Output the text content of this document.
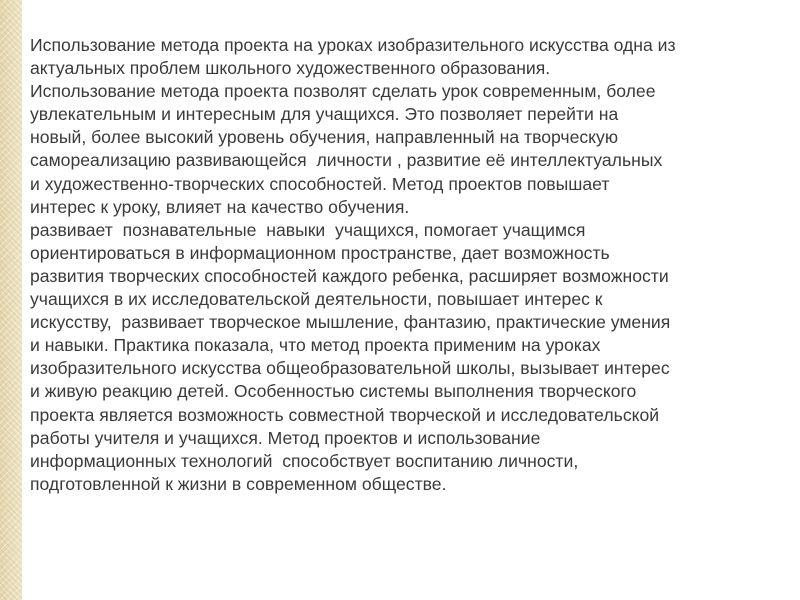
Использование метода проекта на уроках изобразительного искусства одна из
актуальных проблем школьного художественного образования.
Использование метода проекта позволят сделать урок современным, более
увлекательным и интересным для учащихся. Это позволяет перейти на
новый, более высокий уровень обучения, направленный на творческую
самореализацию развивающейся  личности , развитие её интеллектуальных
и художественно-творческих способностей. Метод проектов повышает
интерес к уроку, влияет на качество обучения.
развивает  познавательные  навыки  учащихся, помогает учащимся
ориентироваться в информационном пространстве, дает возможность
развития творческих способностей каждого ребенка, расширяет возможности
учащихся в их исследовательской деятельности, повышает интерес к
искусству,  развивает творческое мышление, фантазию, практические умения
и навыки. Практика показала, что метод проекта применим на уроках
изобразительного искусства общеобразовательной школы, вызывает интерес
и живую реакцию детей. Особенностью системы выполнения творческого
проекта является возможность совместной творческой и исследовательской
работы учителя и учащихся. Метод проектов и использование
информационных технологий  способствует воспитанию личности,
подготовленной к жизни в современном обществе.
